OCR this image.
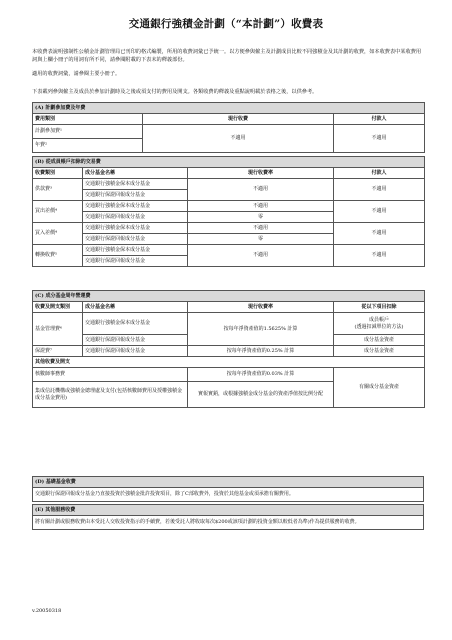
交通銀行強積金計劃（“本計劃”）收費表
本收費表說明強制性公積金計劃管理局已刊印的格式編製，所用的收費詞彙已予統一。以方便參與僱主及計劃成員比較不同強積金及其計劃的收費，如本收費表中某收費用詞與上欄小冊子的用詞有所不同，請參閱附載的下表末的釋義部份。
適用的收費詞彙，請參閱主要小冊子。
下表載列參與僱主及成員於參加計劃時及之後或須支付的費用及開支。各類收費的釋義及重點說明載於表格之後，以供參考。
(A) 計劃參加費及年費		
費用類別	現行收費	付款人
計劃參加費¹	不適用	不適用
年費²		
(B) 從成員帳戶扣除的交易費			
收費類別	成分基金名稱	現行收費率	付款人
供款費³	交通銀行強積金保本成分基金	不適用	不適用
	交通銀行保證回報成分基金		
買出差價⁴	交通銀行強積金保本成分基金	不適用	不適用
	交通銀行保證回報成分基金	零	
買入差價⁴	交通銀行強積金保本成分基金	不適用	不適用
	交通銀行保證回報成分基金	零	
轉換收費⁵	交通銀行強積金保本成分基金	不適用	不適用
	交通銀行保證回報成分基金		
(C) 成分基金周年營運費			
收費及開支類別	成分基金名稱	現行收費率	從以下項目扣除
基金管理費⁶	交通銀行強積金保本成分基金	按每年淨資產值的1.5625% 計算	成員帳戶
(透過扣減單位的方法)

	交通銀行保證回報成分基金		成分基金資產
保證費⁷	交通銀行保證回報成分基金	按每年淨資產值的0.25% 計算	成分基金資產
其他收費及開支			
核數師事務費		按每年淨資產值的0.03% 計算	有關成分基金資產
集成信託機構或強積金總理處及支付(包括核數師費用及授權強積金成分基金費用)		實報實銷，或根據強積金成分基金的資產淨值按比例分配	
(D) 基礎基金收費
交通銀行保證回報成分基金乃直接投資於強積金批許投資項目，除了C部收費外，投資於其他基金或須承擔有關費用。
(E) 其他服務收費
將有關計劃或服務收費由本受託人交收投資指示的手續費，若後受託人將收取每次$200或該項計劃的投資金額以較低者為準)作為提供服務的收費。
v.20050318
